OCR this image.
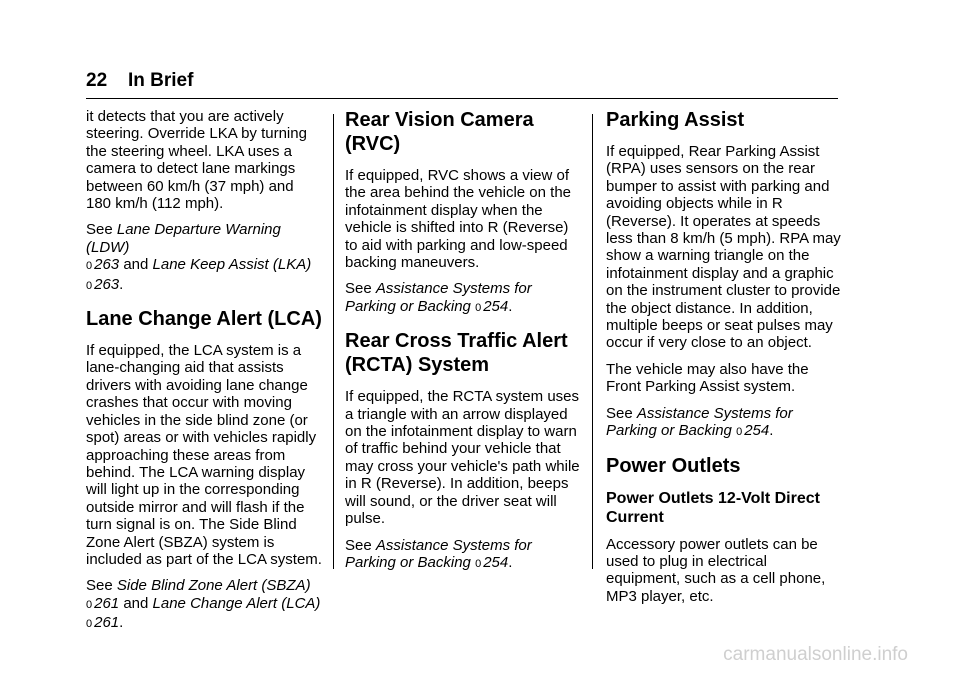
22 In Brief

it detects that you are actively steering. Override LKA by turning the steering wheel. LKA uses a camera to detect lane markings between 60 km/h (37 mph) and 180 km/h (112 mph).

See Lane Departure Warning (LDW)
0 263 and Lane Keep Assist (LKA)
0 263.

Lane Change Alert (LCA)

If equipped, the LCA system is a lane-changing aid that assists drivers with avoiding lane change crashes that occur with moving vehicles in the side blind zone (or spot) areas or with vehicles rapidly approaching these areas from behind. The LCA warning display will light up in the corresponding outside mirror and will flash if the turn signal is on. The Side Blind Zone Alert (SBZA) system is included as part of the LCA system.

See Side Blind Zone Alert (SBZA)
0 261 and Lane Change Alert (LCA)
0 261.

Rear Vision Camera (RVC)

If equipped, RVC shows a view of the area behind the vehicle on the infotainment display when the vehicle is shifted into R (Reverse) to aid with parking and low-speed backing maneuvers.

See Assistance Systems for Parking or Backing 0 254.

Rear Cross Traffic Alert (RCTA) System

If equipped, the RCTA system uses a triangle with an arrow displayed on the infotainment display to warn of traffic behind your vehicle that may cross your vehicle's path while in R (Reverse). In addition, beeps will sound, or the driver seat will pulse.

See Assistance Systems for Parking or Backing 0 254.

Parking Assist

If equipped, Rear Parking Assist (RPA) uses sensors on the rear bumper to assist with parking and avoiding objects while in R (Reverse). It operates at speeds less than 8 km/h (5 mph). RPA may show a warning triangle on the infotainment display and a graphic on the instrument cluster to provide the object distance. In addition, multiple beeps or seat pulses may occur if very close to an object.

The vehicle may also have the Front Parking Assist system.

See Assistance Systems for Parking or Backing 0 254.

Power Outlets
Power Outlets 12-Volt Direct Current

Accessory power outlets can be used to plug in electrical equipment, such as a cell phone, MP3 player, etc.

carmanualsonline.info
